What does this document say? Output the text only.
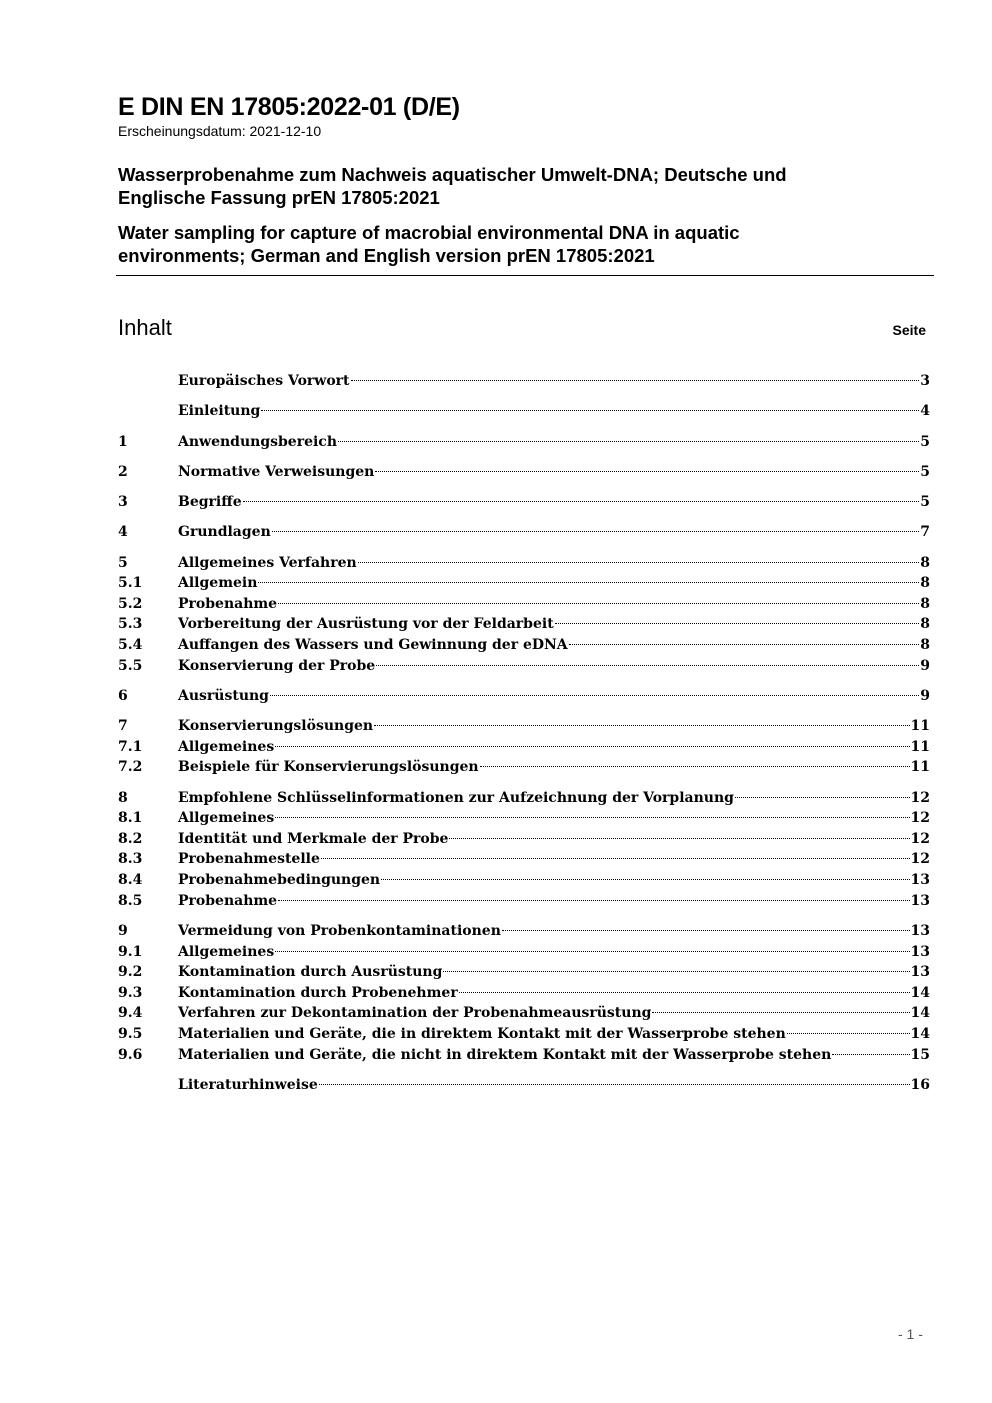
E DIN EN 17805:2022-01 (D/E)
Erscheinungsdatum: 2021-12-10
Wasserprobenahme zum Nachweis aquatischer Umwelt-DNA; Deutsche und
Englische Fassung prEN 17805:2021
Water sampling for capture of macrobial environmental DNA in aquatic
environments; German and English version prEN 17805:2021
Inhalt	Seite
Europäisches Vorwort	3
Einleitung	4
1	Anwendungsbereich	5
2	Normative Verweisungen	5
3	Begriffe	5
4	Grundlagen	7
5	Allgemeines Verfahren	8
5.1	Allgemein	8
5.2	Probenahme	8
5.3	Vorbereitung der Ausrüstung vor der Feldarbeit	8
5.4	Auffangen des Wassers und Gewinnung der eDNA	8
5.5	Konservierung der Probe	9
6	Ausrüstung	9
7	Konservierungslösungen	11
7.1	Allgemeines	11
7.2	Beispiele für Konservierungslösungen	11
8	Empfohlene Schlüsselinformationen zur Aufzeichnung der Vorplanung	12
8.1	Allgemeines	12
8.2	Identität und Merkmale der Probe	12
8.3	Probenahmestelle	12
8.4	Probenahmebedingungen	13
8.5	Probenahme	13
9	Vermeidung von Probenkontaminationen	13
9.1	Allgemeines	13
9.2	Kontamination durch Ausrüstung	13
9.3	Kontamination durch Probenehmer	14
9.4	Verfahren zur Dekontamination der Probenahmeausrüstung	14
9.5	Materialien und Geräte, die in direktem Kontakt mit der Wasserprobe stehen	14
9.6	Materialien und Geräte, die nicht in direktem Kontakt mit der Wasserprobe stehen	15
Literaturhinweise	16
- 1 -
